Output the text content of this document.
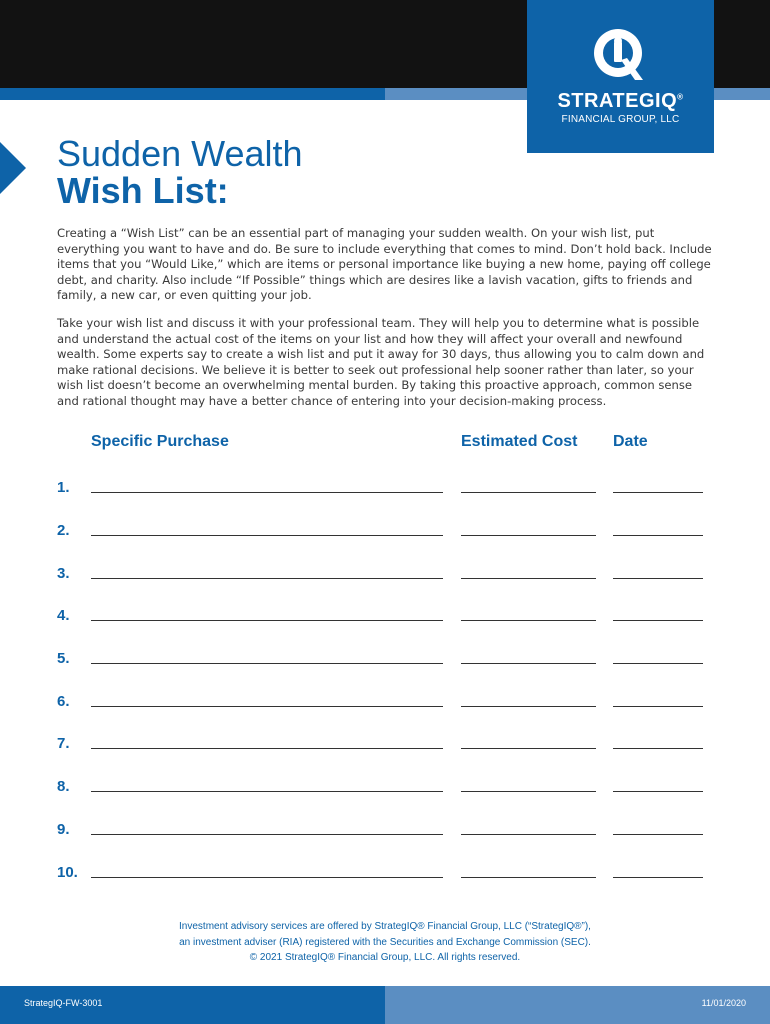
STRATEGIQ®
FINANCIAL GROUP, LLC
Sudden Wealth
Wish List:
Creating a “Wish List” can be an essential part of managing your sudden wealth. On your wish list, put everything you want to have and do. Be sure to include everything that comes to mind. Don’t hold back. Include items that you “Would Like,” which are items or personal importance like buying a new home, paying off college debt, and charity. Also include “If Possible” things which are desires like a lavish vacation, gifts to friends and family, a new car, or even quitting your job.
Take your wish list and discuss it with your professional team. They will help you to determine what is possible and understand the actual cost of the items on your list and how they will affect your overall and newfound wealth. Some experts say to create a wish list and put it away for 30 days, thus allowing you to calm down and make rational decisions. We believe it is better to seek out professional help sooner rather than later, so your wish list doesn’t become an overwhelming mental burden. By taking this proactive approach, common sense and rational thought may have a better chance of entering into your decision-making process.
Specific Purchase	Estimated Cost Date
1.
2.
3.
4.
5.
6.
7.
8.
9.
10.
Investment advisory services are offered by StrategIQ® Financial Group, LLC (“StrategIQ®”),
an investment adviser (RIA) registered with the Securities and Exchange Commission (SEC).
© 2021 StrategIQ® Financial Group, LLC. All rights reserved.
StrategIQ-FW-3001	11/01/2020
